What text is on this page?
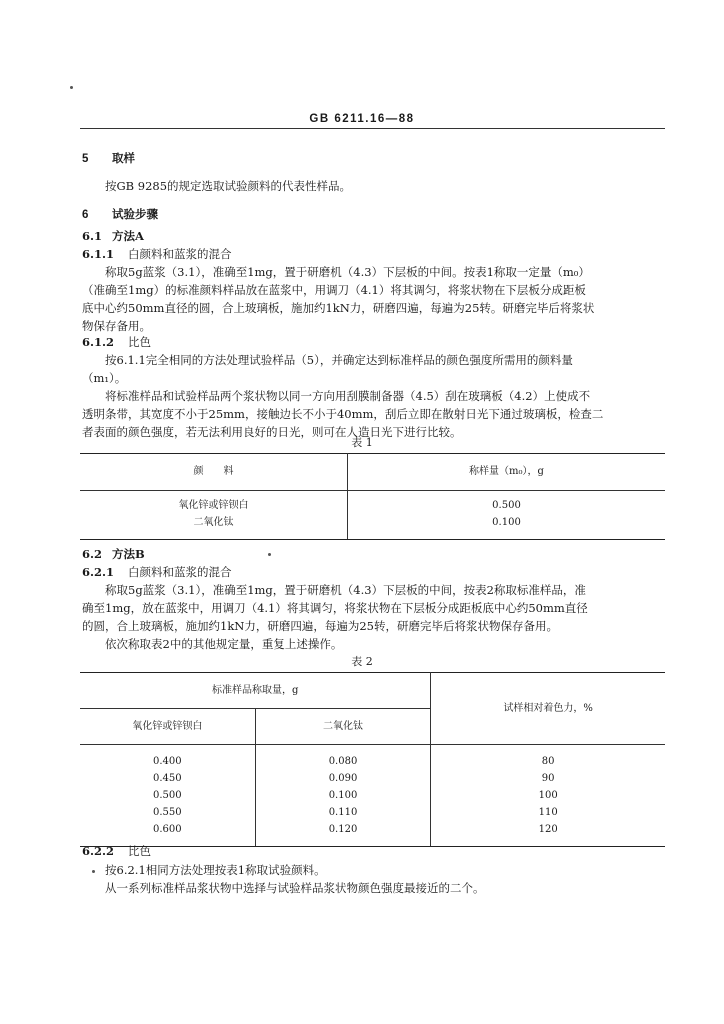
GB 6211.16—88
5 取样
按GB 9285的规定选取试验颜料的代表性样品。
6 试验步骤
6.1 方法A
6.1.1 白颜料和蓝浆的混合
称取5g蓝浆（3.1），准确至1mg，置于研磨机（4.3）下层板的中间。按表1称取一定量（m₀）
（准确至1mg）的标准颜料样品放在蓝浆中，用调刀（4.1）将其调匀，将浆状物在下层板分成距板
底中心约50mm直径的圆，合上玻璃板，施加约1kN力，研磨四遍，每遍为25转。研磨完毕后将浆状
物保存备用。
6.1.2 比色
按6.1.1完全相同的方法处理试验样品（5），并确定达到标准样品的颜色强度所需用的颜料量
（m₁）。
将标准样品和试验样品两个浆状物以同一方向用刮膜制备器（4.5）刮在玻璃板（4.2）上使成不
透明条带，其宽度不小于25mm，接触边长不小于40mm，刮后立即在散射日光下通过玻璃板，检查二
者表面的颜色强度，若无法利用良好的日光，则可在人造日光下进行比较。
表 1
颜　　料	称样量（m₀），g
氧化锌或锌钡白	0.500
二氧化钛	0.100
6.2 方法B
6.2.1 白颜料和蓝浆的混合
称取5g蓝浆（3.1），准确至1mg，置于研磨机（4.3）下层板的中间，按表2称取标准样品，准
确至1mg，放在蓝浆中，用调刀（4.1）将其调匀，将浆状物在下层板分成距板底中心约50mm直径
的圆，合上玻璃板，施加约1kN力，研磨四遍，每遍为25转，研磨完毕后将浆状物保存备用。
依次称取表2中的其他规定量，重复上述操作。
表 2
标准样品称取量，g		试样相对着色力，%
氧化锌或锌钡白	二氧化钛	
0.400	0.080	80
0.450	0.090	90
0.500	0.100	100
0.550	0.110	110
0.600	0.120	120
6.2.2 比色
按6.2.1相同方法处理按表1称取试验颜料。
从一系列标准样品浆状物中选择与试验样品浆状物颜色强度最接近的二个。
